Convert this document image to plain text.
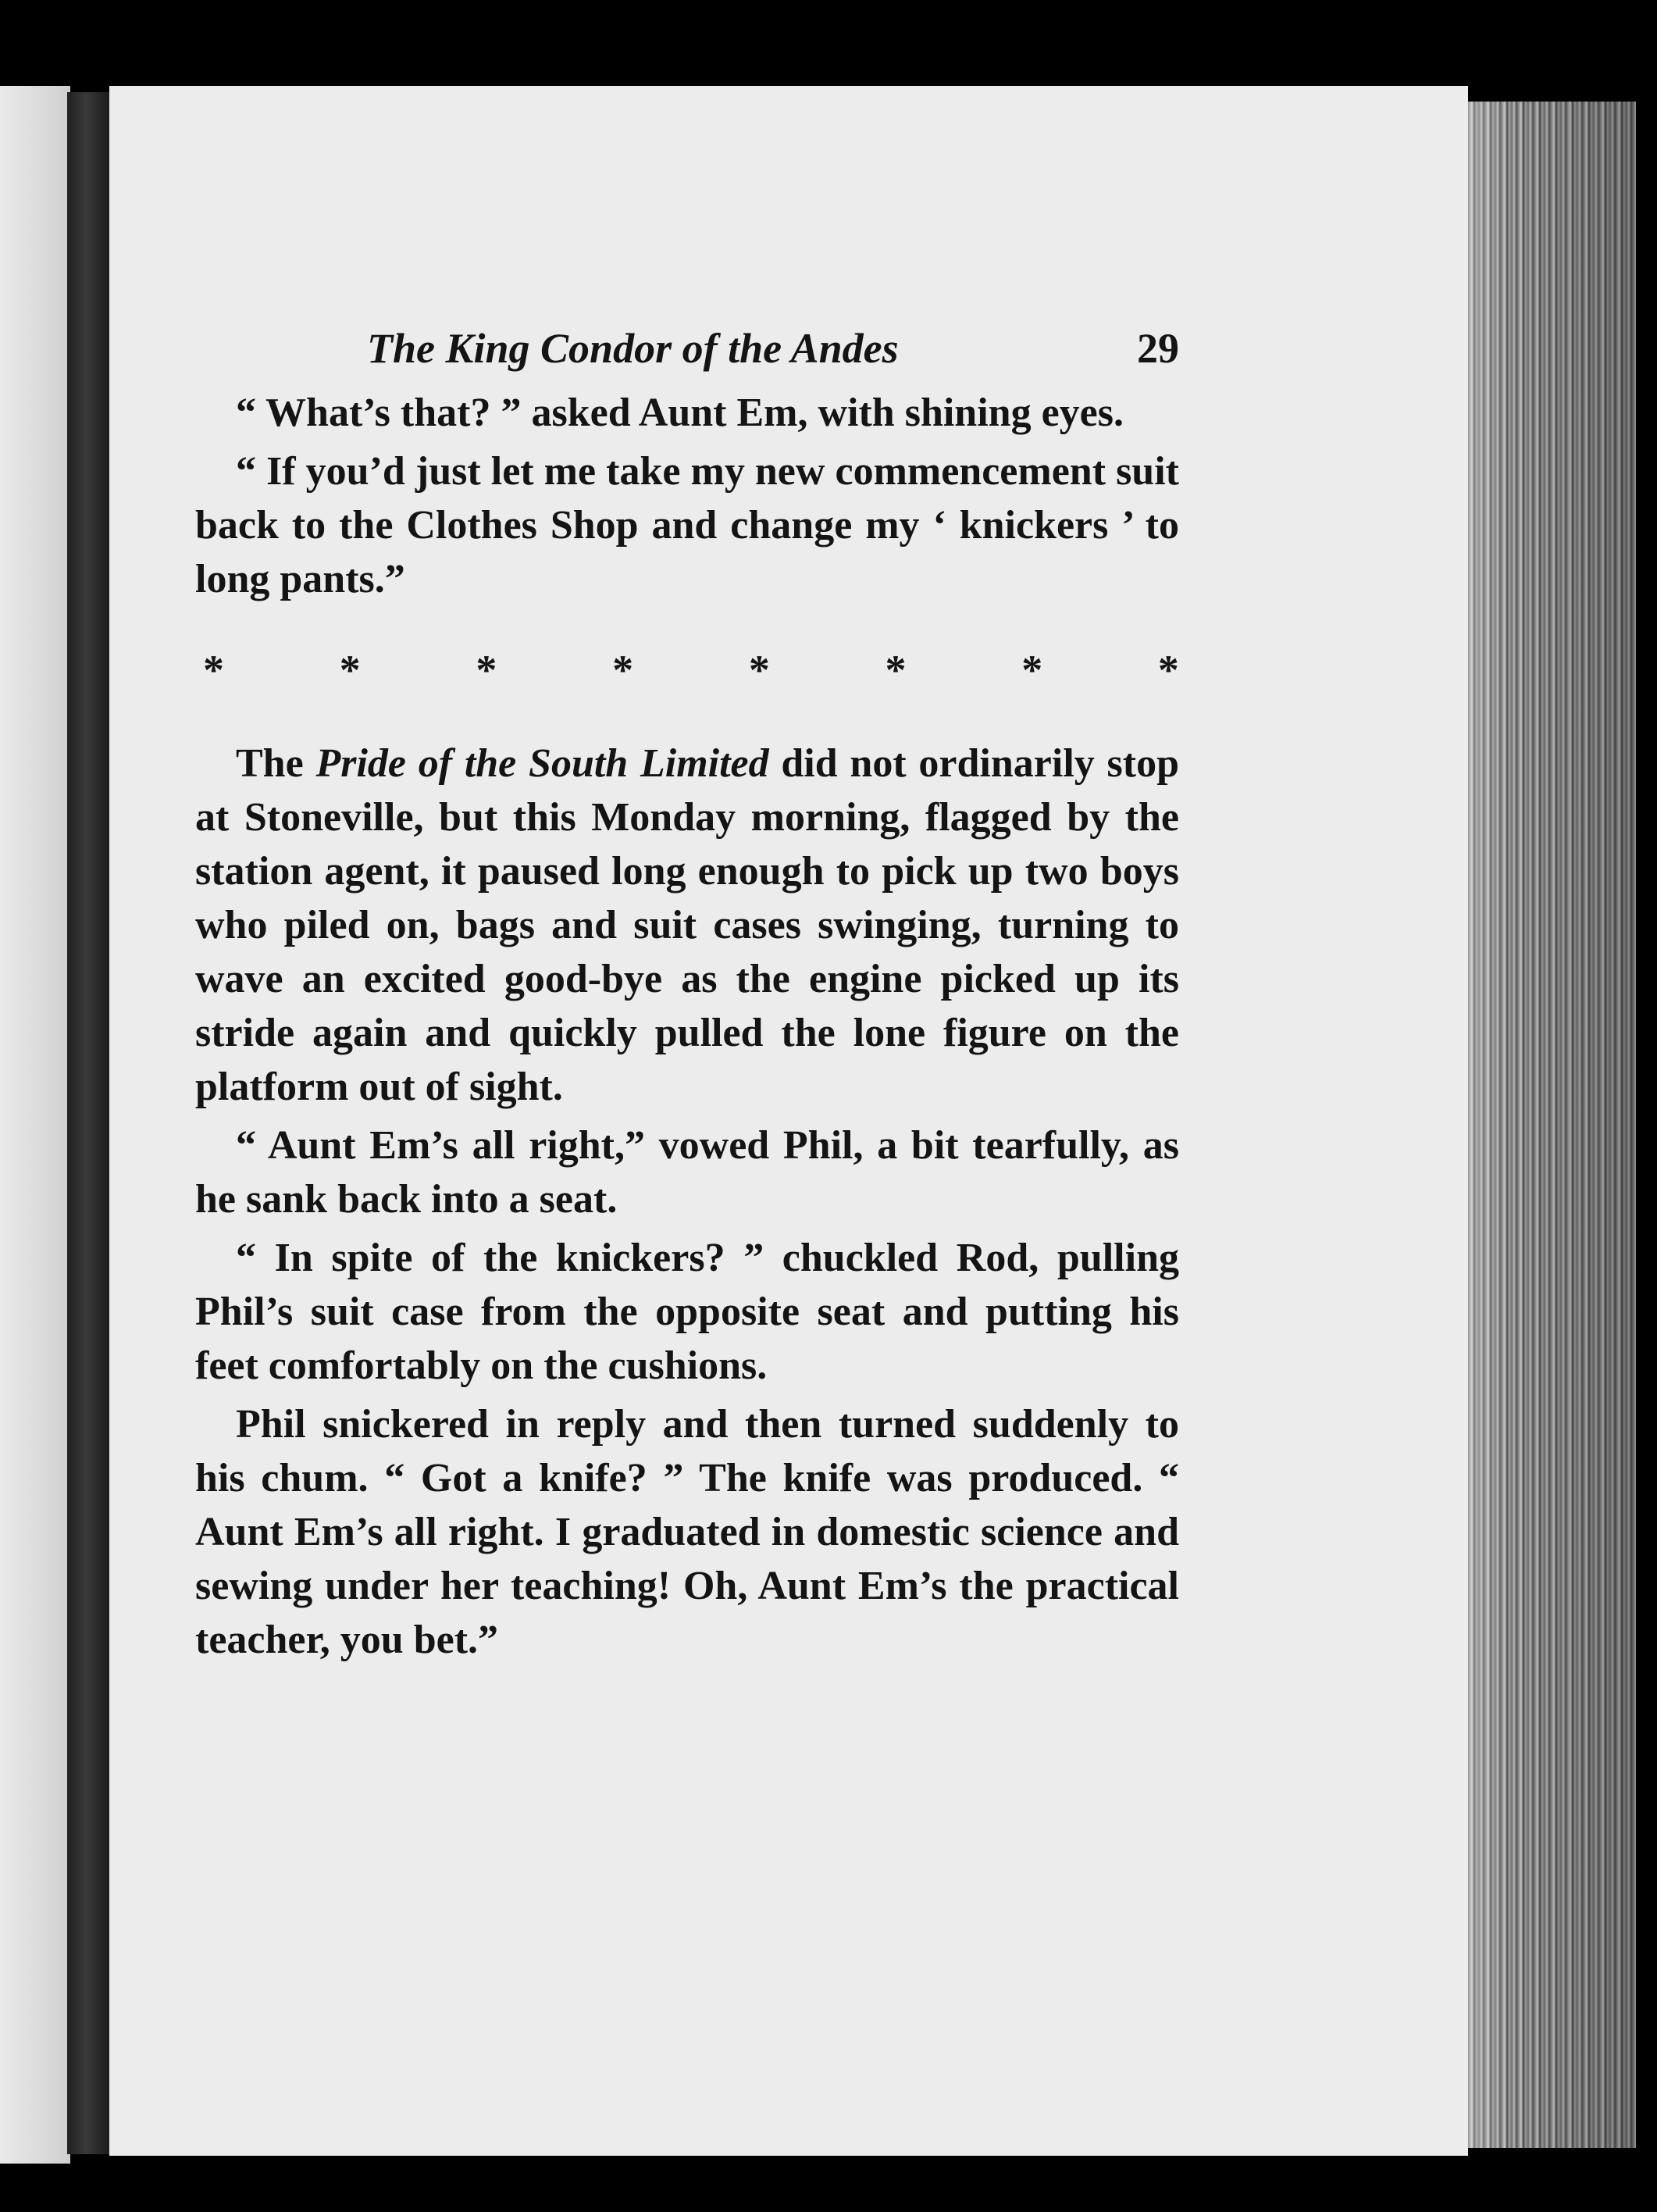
The King Condor of the Andes	29

“ What’s that? ” asked Aunt Em, with shining eyes.

“ If you’d just let me take my new commencement suit back to the Clothes Shop and change my ‘ knickers ’ to long pants.”

*	*	*	*	*	*	*	*

The Pride of the South Limited did not ordinarily stop at Stoneville, but this Monday morning, flagged by the station agent, it paused long enough to pick up two boys who piled on, bags and suit cases swinging, turning to wave an excited good-bye as the engine picked up its stride again and quickly pulled the lone figure on the platform out of sight.

“ Aunt Em’s all right,” vowed Phil, a bit tearfully, as he sank back into a seat.

“ In spite of the knickers? ” chuckled Rod, pulling Phil’s suit case from the opposite seat and putting his feet comfortably on the cushions.

Phil snickered in reply and then turned suddenly to his chum. “ Got a knife? ” The knife was produced. “ Aunt Em’s all right. I graduated in domestic science and sewing under her teaching! Oh, Aunt Em’s the practical teacher, you bet.”
